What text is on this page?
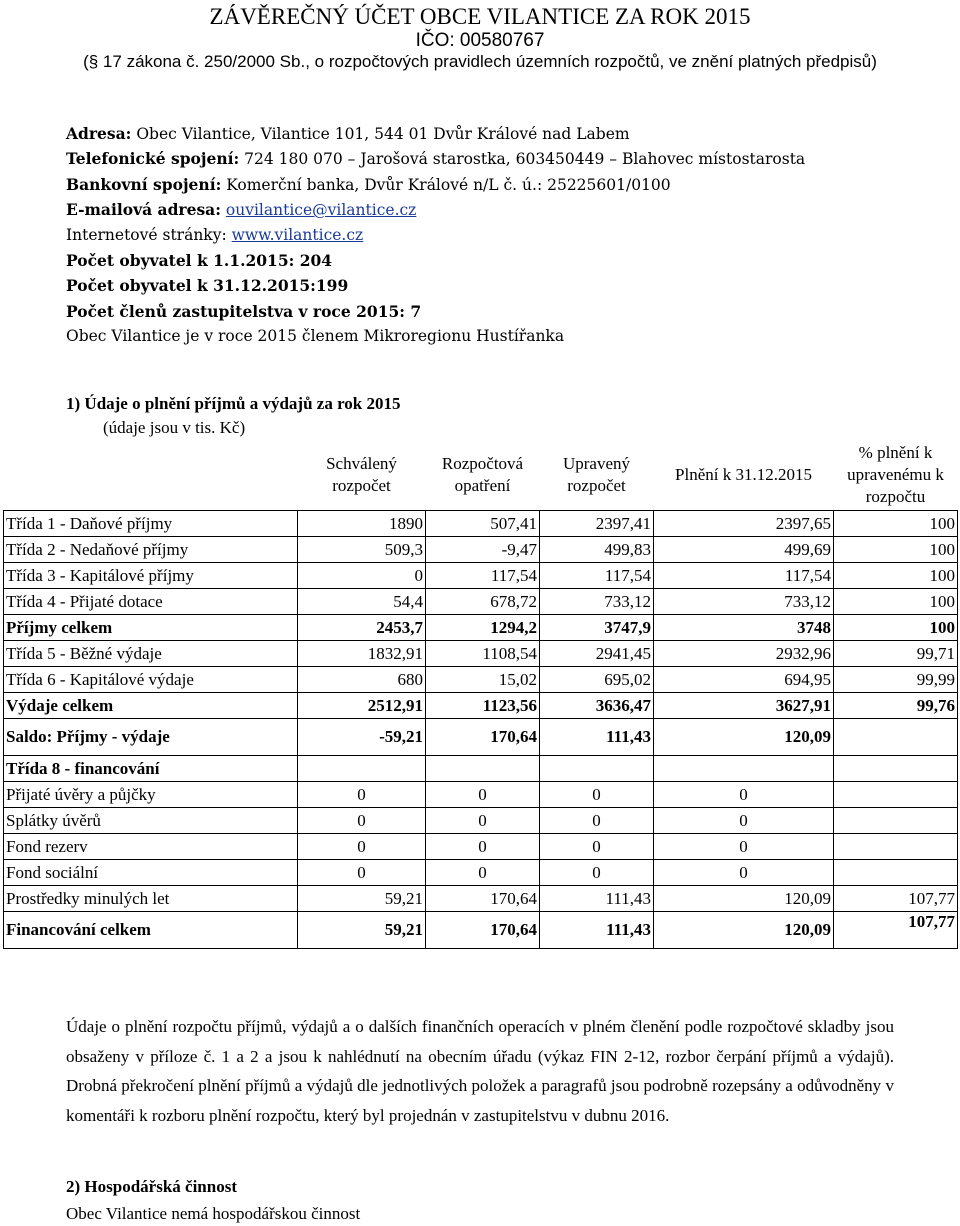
ZÁVĚREČNÝ ÚČET OBCE VILANTICE ZA ROK 2015
IČO: 00580767
(§ 17 zákona č. 250/2000 Sb., o rozpočtových pravidlech územních rozpočtů, ve znění platných předpisů)
Adresa: Obec Vilantice, Vilantice 101, 544 01 Dvůr Králové nad Labem
Telefonické spojení: 724 180 070 – Jarošová starostka, 603450449 – Blahovec místostarosta
Bankovní spojení: Komerční banka, Dvůr Králové n/L č. ú.: 25225601/0100
E-mailová adresa: ouvilantice@vilantice.cz
Internetové stránky: www.vilantice.cz
Počet obyvatel k 1.1.2015: 204
Počet obyvatel k 31.12.2015:199
Počet členů zastupitelstva v roce 2015: 7
Obec Vilantice je v roce 2015 členem Mikroregionu Hustířanka
1) Údaje o plnění příjmů a výdajů za rok 2015
(údaje jsou v tis. Kč)
	Schválený rozpočet	Rozpočtová opatření	Upravený rozpočet	Plnění k 31.12.2015	% plnění k upravenému k rozpočtu
Třída 1 - Daňové příjmy	1890	507,41	2397,41	2397,65	100
Třída 2 - Nedaňové příjmy	509,3	-9,47	499,83	499,69	100
Třída 3 - Kapitálové příjmy	0	117,54	117,54	117,54	100
Třída 4 - Přijaté dotace	54,4	678,72	733,12	733,12	100
Příjmy celkem	2453,7	1294,2	3747,9	3748	100
Třída 5 - Běžné výdaje	1832,91	1108,54	2941,45	2932,96	99,71
Třída 6 - Kapitálové výdaje	680	15,02	695,02	694,95	99,99
Výdaje celkem	2512,91	1123,56	3636,47	3627,91	99,76
Saldo: Příjmy - výdaje	-59,21	170,64	111,43	120,09	
Třída 8 - financování					
Přijaté úvěry a půjčky	0	0	0	0	
Splátky úvěrů	0	0	0	0	
Fond rezerv	0	0	0	0	
Fond sociální	0	0	0	0	
Prostředky minulých let	59,21	170,64	111,43	120,09	107,77
Financování celkem	59,21	170,64	111,43	120,09	107,77
Údaje o plnění rozpočtu příjmů, výdajů a o dalších finančních operacích v plném členění podle rozpočtové skladby jsou obsaženy v příloze č. 1 a 2 a jsou k nahlédnutí na obecním úřadu (výkaz FIN 2-12, rozbor čerpání příjmů a výdajů). Drobná překročení plnění příjmů a výdajů dle jednotlivých položek a paragrafů jsou podrobně rozepsány a odůvodněny v komentáři k rozboru plnění rozpočtu, který byl projednán v zastupitelstvu v dubnu 2016.
2) Hospodářská činnost
Obec Vilantice nemá hospodářskou činnost
